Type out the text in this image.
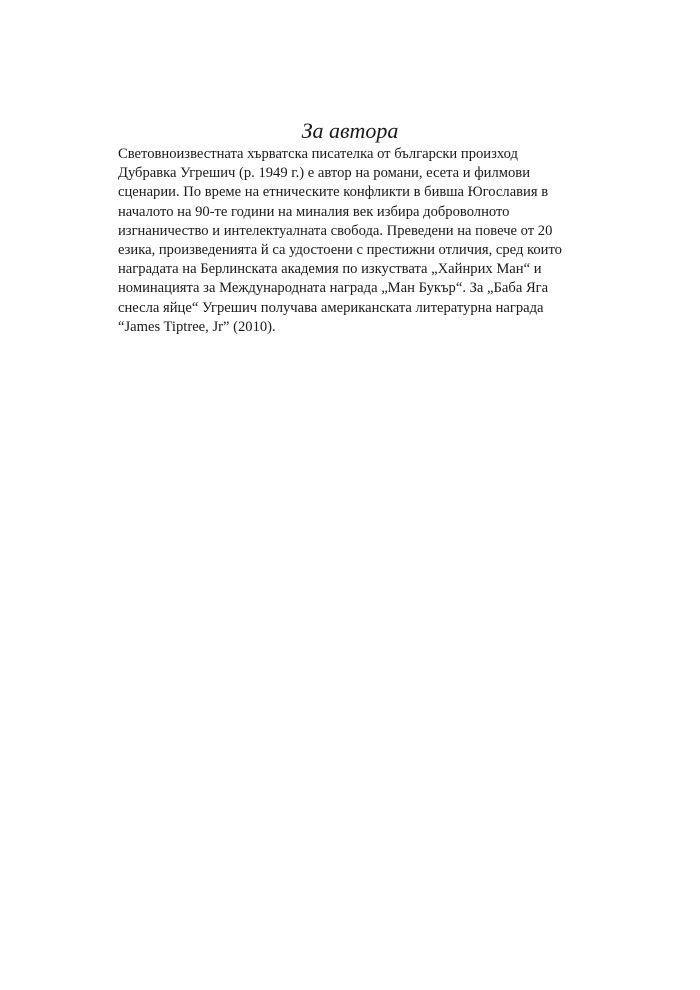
За автора

Световноизвестната хърватска писателка от български произход
Дубравка Угрешич (р. 1949 г.) е автор на романи, есета и филмови
сценарии. По време на етническите конфликти в бивша Югославия в
началото на 90-те години на миналия век избира доброволното
изгнаничество и интелектуалната свобода. Преведени на повече от 20
езика, произведенията й са удостоени с престижни отличия, сред които
наградата на Берлинската академия по изкуствата „Хайнрих Ман“ и
номинацията за Международната награда „Ман Букър“. За „Баба Яга
снесла яйце“ Угрешич получава американската литературна награда
“James Tiptree, Jr” (2010).
